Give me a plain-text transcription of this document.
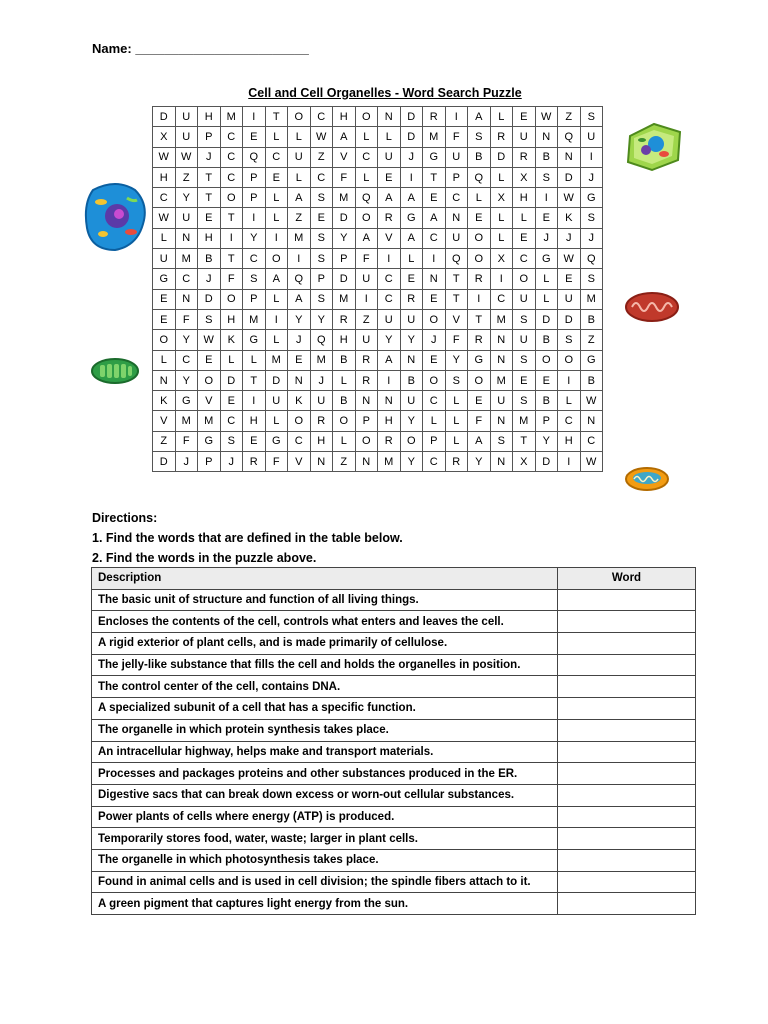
Name: ________________________
Cell and Cell Organelles - Word Search Puzzle
D	U	H	M	I	T	O	C	H	O	N	D	R	I	A	L	E	W	Z	S
X	U	P	C	E	L	L	W	A	L	L	D	M	F	S	R	U	N	Q	U
W	W	J	C	Q	C	U	Z	V	C	U	J	G	U	B	D	R	B	N	I
H	Z	T	C	P	E	L	C	F	L	E	I	T	P	Q	L	X	S	D	J
C	Y	T	O	P	L	A	S	M	Q	A	A	E	C	L	X	H	I	W	G
W	U	E	T	I	L	Z	E	D	O	R	G	A	N	E	L	L	E	K	S
L	N	H	I	Y	I	M	S	Y	A	V	A	C	U	O	L	E	J	J	J
U	M	B	T	C	O	I	S	P	F	I	L	I	Q	O	X	C	G	W	Q
G	C	J	F	S	A	Q	P	D	U	C	E	N	T	R	I	O	L	E	S
E	N	D	O	P	L	A	S	M	I	C	R	E	T	I	C	U	L	U	M
E	F	S	H	M	I	Y	Y	R	Z	U	U	O	V	T	M	S	D	D	B
O	Y	W	K	G	L	J	Q	H	U	Y	Y	J	F	R	N	U	B	S	Z
L	C	E	L	L	M	E	M	B	R	A	N	E	Y	G	N	S	O	O	G
N	Y	O	D	T	D	N	J	L	R	I	B	O	S	O	M	E	E	I	B
K	G	V	E	I	U	K	U	B	N	N	U	C	L	E	U	S	B	L	W
V	M	M	C	H	L	O	R	O	P	H	Y	L	L	F	N	M	P	C	N
Z	F	G	S	E	G	C	H	L	O	R	O	P	L	A	S	T	Y	H	C
D	J	P	J	R	F	V	N	Z	N	M	Y	C	R	Y	N	X	D	I	W
Directions:
1. Find the words that are defined in the table below.
2. Find the words in the puzzle above.
Description	Word
The basic unit of structure and function of all living things.	
Encloses the contents of the cell, controls what enters and leaves the cell.	
A rigid exterior of plant cells, and is made primarily of cellulose.	
The jelly-like substance that fills the cell and holds the organelles in position.	
The control center of the cell, contains DNA.	
A specialized subunit of a cell that has a specific function.	
The organelle in which protein synthesis takes place.	
An intracellular highway, helps make and transport materials.	
Processes and packages proteins and other substances produced in the ER.	
Digestive sacs that can break down excess or worn-out cellular substances.	
Power plants of cells where energy (ATP) is produced.	
Temporarily stores food, water, waste; larger in plant cells.	
The organelle in which photosynthesis takes place.	
Found in animal cells and is used in cell division; the spindle fibers attach to it.	
A green pigment that captures light energy from the sun.	
